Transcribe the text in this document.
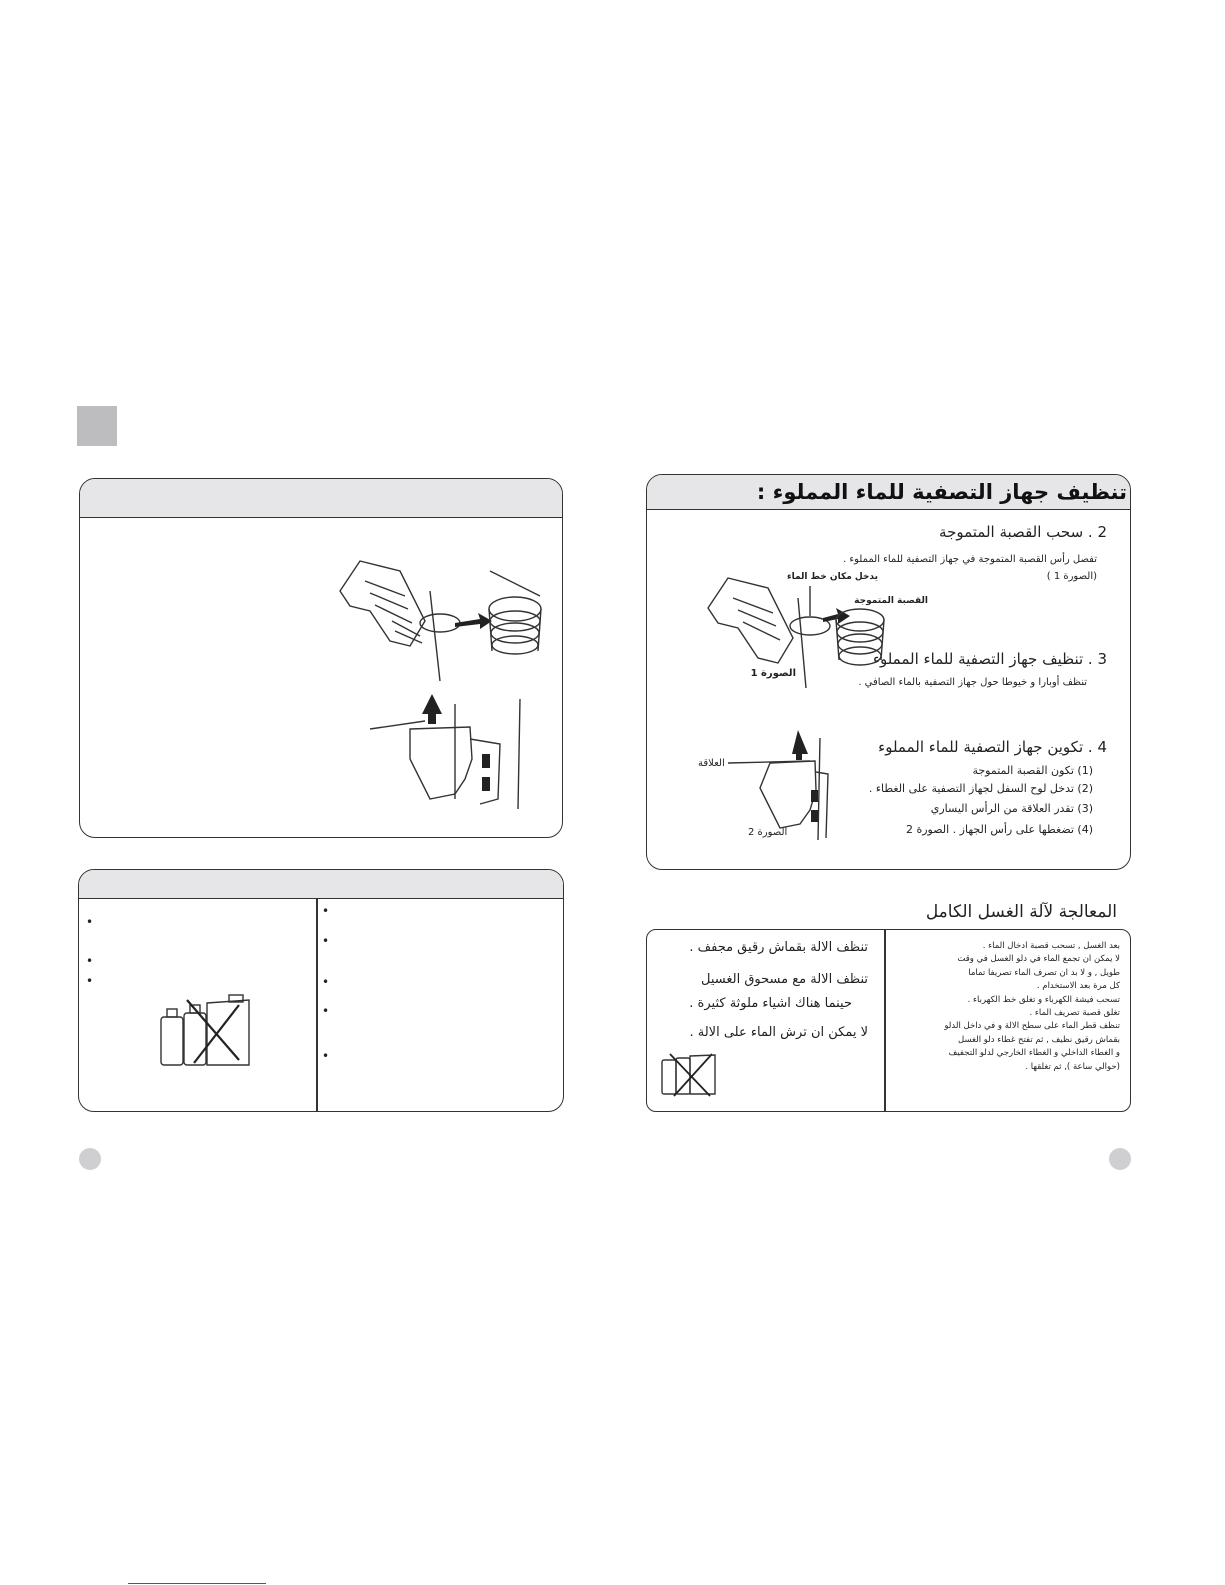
•
•
•
•
•
•
•
•
تنظيف جهاز التصفية للماء المملوء :
2 . سحب القصبة المتموجة
تفصل رأس القصبة المتموجة في جهاز التصفية للماء المملوء .
(الصورة 1 )
يدخل مكان خط الماء
القصبة المتموجة
الصورة 1
3 . تنظيف جهاز التصفية للماء المملوء
تنظف أوبارا و خيوطا حول جهاز التصفية بالماء الصافي .
العلاقة
الصورة 2
4 . تكوين جهاز التصفية للماء المملوء
(1) تكون القصبة المتموجة
(2) تدخل لوح السفل لجهاز التصفية على الغطاء .
(3) تقدر العلاقة من الرأس اليساري
(4) تضغطها على رأس الجهاز . الصورة 2
المعالجة لآلة الغسل الكامل
تنظف الالة بقماش رقيق مجفف .
تنظف الالة مع مسحوق الغسيل
حينما هناك اشياء ملوثة كثيرة .
لا يمكن ان ترش الماء على الالة .
بعد الغسل , تسحب قصبة ادخال الماء .
لا يمكن ان تجمع الماء في دلو الغسل في وقت
طويل , و لا بد ان تصرف الماء تصريفا تماما
كل مرة بعد الاستخدام .
تسحب فيشة الكهرباء و تغلق خط الكهرباء .
تغلق قصبة تصريف الماء .
تنظف قطر الماء على سطح الالة و في داخل الدلو
بقماش رقيق نظيف , ثم تفتح غطاء دلو الغسل
و الغطاء الداخلي و الغطاء الخارجي لدلو التجفيف
(حوالي ساعة ), ثم تغلقها .
